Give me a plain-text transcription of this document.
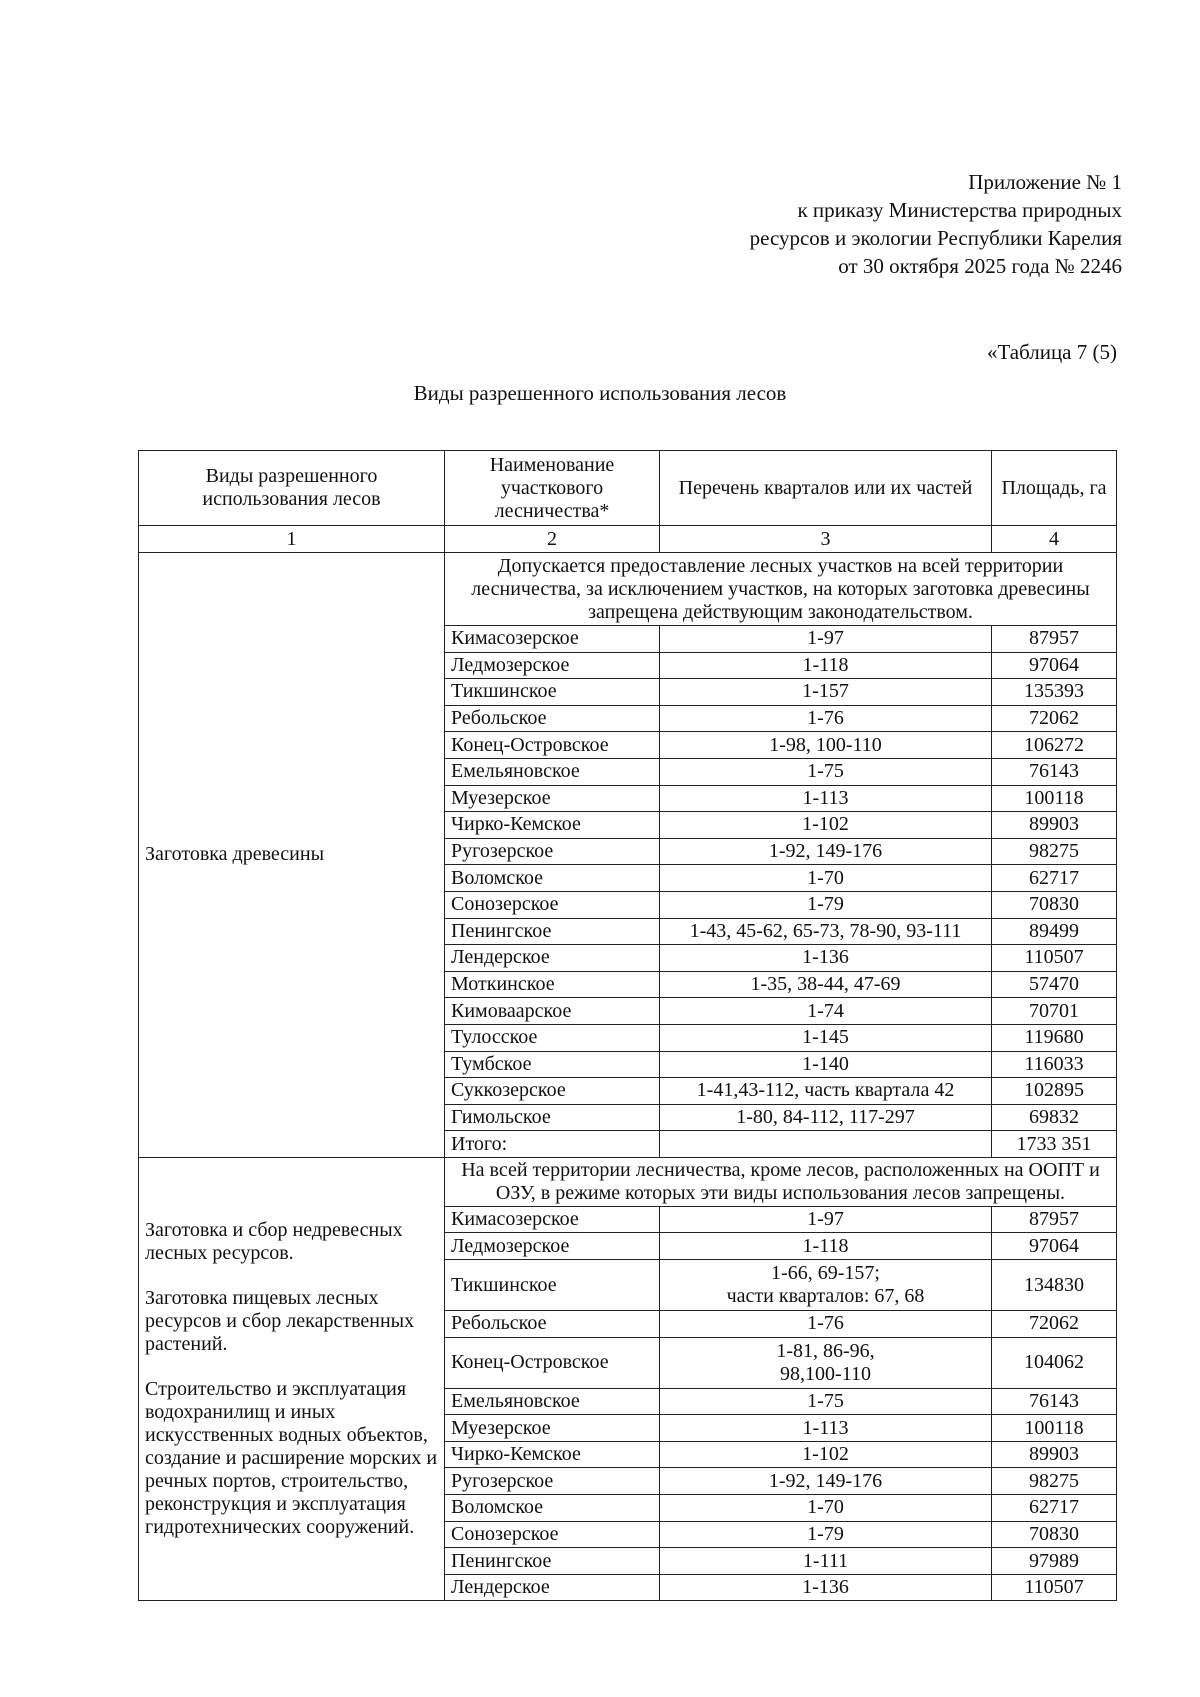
Приложение № 1
к приказу Министерства природных
ресурсов и экологии Республики Карелия
от 30 октября 2025 года № 2246
«Таблица 7 (5)
Виды разрешенного использования лесов
Виды разрешенного использования лесов	Наименование участкового лесничества*	Перечень кварталов или их частей	Площадь, га
1	2	3	4
Заготовка древесины	Допускается предоставление лесных участков на всей территории лесничества, за исключением участков, на которых заготовка древесины запрещена действующим законодательством.		
	Кимасозерское	1-97	87957
	Ледмозерское	1-118	97064
	Тикшинское	1-157	135393
	Ребольское	1-76	72062
	Конец-Островское	1-98, 100-110	106272
	Емельяновское	1-75	76143
	Муезерское	1-113	100118
	Чирко-Кемское	1-102	89903
	Ругозерское	1-92, 149-176	98275
	Воломское	1-70	62717
	Сонозерское	1-79	70830
	Пенингское	1-43, 45-62, 65-73, 78-90, 93-111	89499
	Лендерское	1-136	110507
	Моткинское	1-35, 38-44, 47-69	57470
	Кимоваарское	1-74	70701
	Тулосское	1-145	119680
	Тумбское	1-140	116033
	Суккозерское	1-41,43-112, часть квартала 42	102895
	Гимольское	1-80, 84-112, 117-297	69832
	Итого:		1733 351

Заготовка и сбор недревесных лесных ресурсов.

Заготовка пищевых лесных ресурсов и сбор лекарственных растений.

Строительство и эксплуатация водохранилищ и иных искусственных водных объектов, создание и расширение морских и речных портов, строительство, реконструкция и эксплуатация гидротехнических сооружений.	На всей территории лесничества, кроме лесов, расположенных на ООПТ и ОЗУ, в режиме которых эти виды использования лесов запрещены.		
	Кимасозерское	1-97	87957
	Ледмозерское	1-118	97064
	Тикшинское	1-66, 69-157;
части кварталов: 67, 68	134830
	Ребольское	1-76	72062
	Конец-Островское	1-81, 86-96,
98,100-110	104062
	Емельяновское	1-75	76143
	Муезерское	1-113	100118
	Чирко-Кемское	1-102	89903
	Ругозерское	1-92, 149-176	98275
	Воломское	1-70	62717
	Сонозерское	1-79	70830
	Пенингское	1-111	97989
	Лендерское	1-136	110507
